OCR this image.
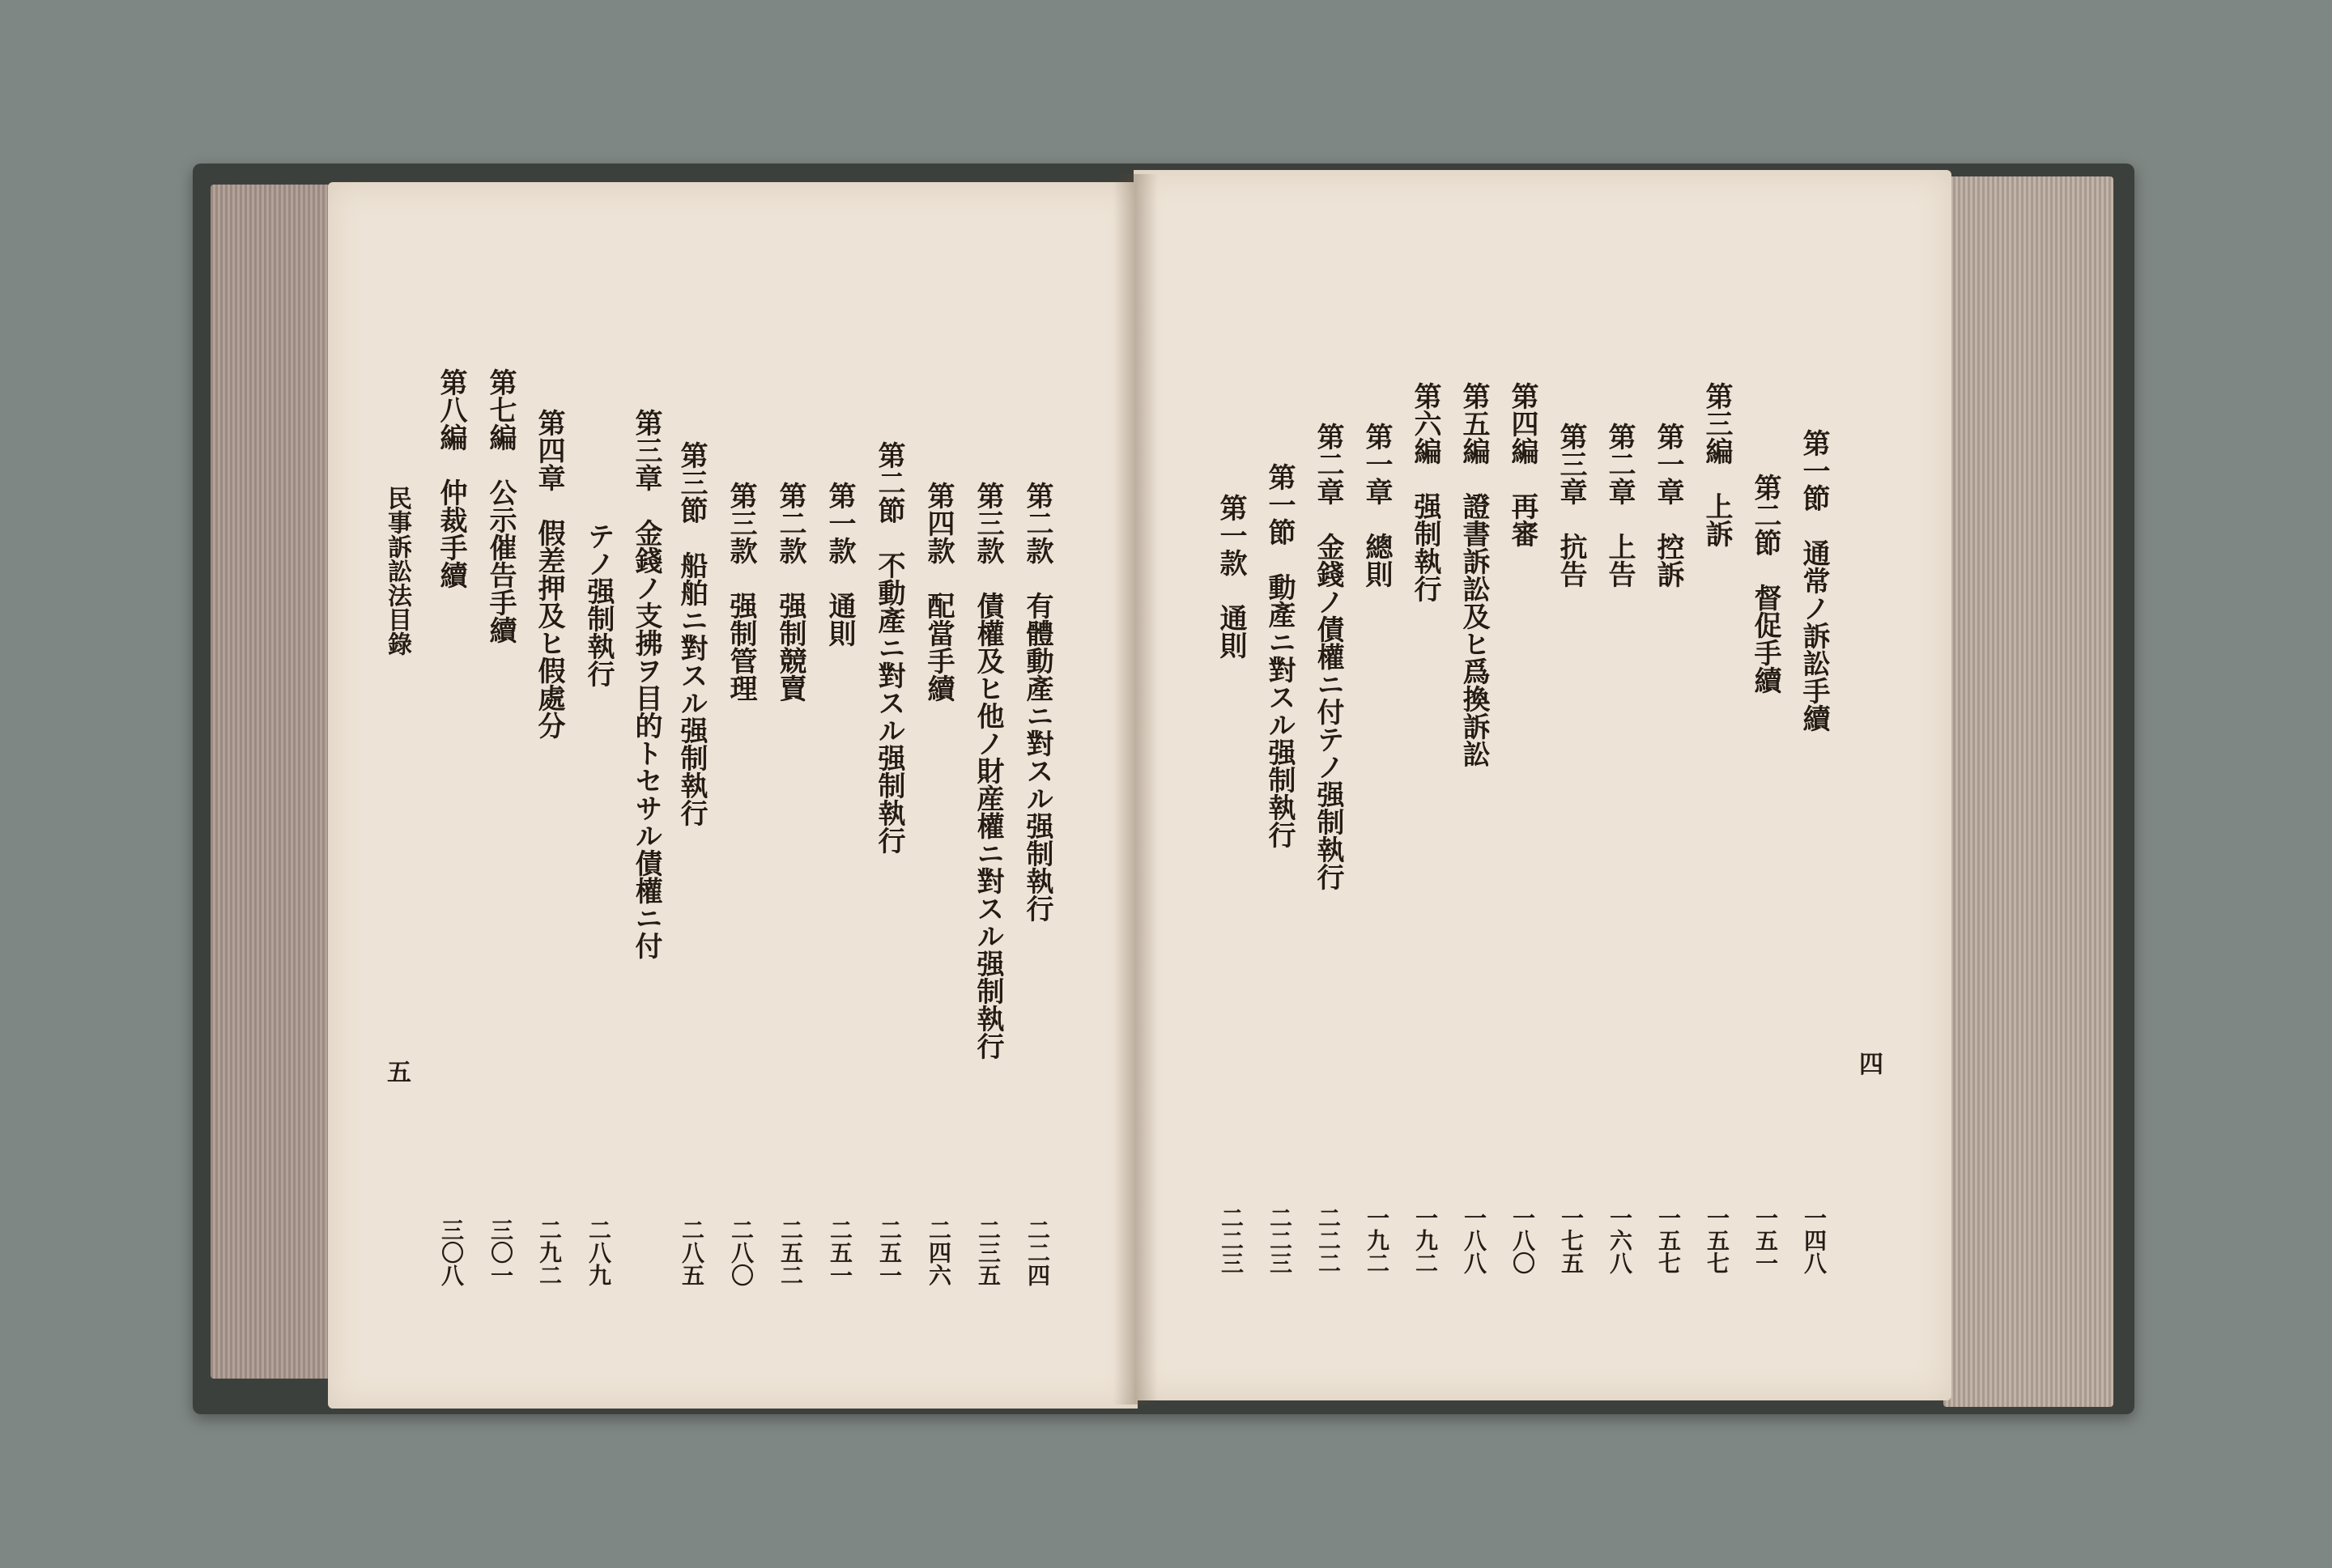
第二款　有體動產ニ對スル强制執行
二二四
第三款　債權及ヒ他ノ財産權ニ對スル强制執行
二三五
第四款　配當手續
二四六
第二節　不動產ニ對スル强制執行
二五一
第一款　通則
二五一
第二款　强制競賣
二五二
第三款　强制管理
二八〇
第三節　船舶ニ對スル强制執行
二八五
第三章　金錢ノ支拂ヲ目的トセサル債權ニ付
テノ强制執行
二八九
第四章　假差押及ヒ假處分
二九二
第七編　公示催告手續
三〇一
第八編　仲裁手續
三〇八
第一節　通常ノ訴訟手續
一四八
第二節　督促手續
一五一
第三編　上訴
一五七
第一章　控訴
一五七
第二章　上告
一六八
第三章　抗告
一七五
第四編　再審
一八〇
第五編　證書訴訟及ヒ爲換訴訟
一八八
第六編　强制執行
一九二
第一章　總則
一九二
第二章　金錢ノ債權ニ付テノ强制執行
二二二
第一節　動產ニ對スル强制執行
二二三
第一款　通則
二二三
民事訴訟法目錄
五	四
